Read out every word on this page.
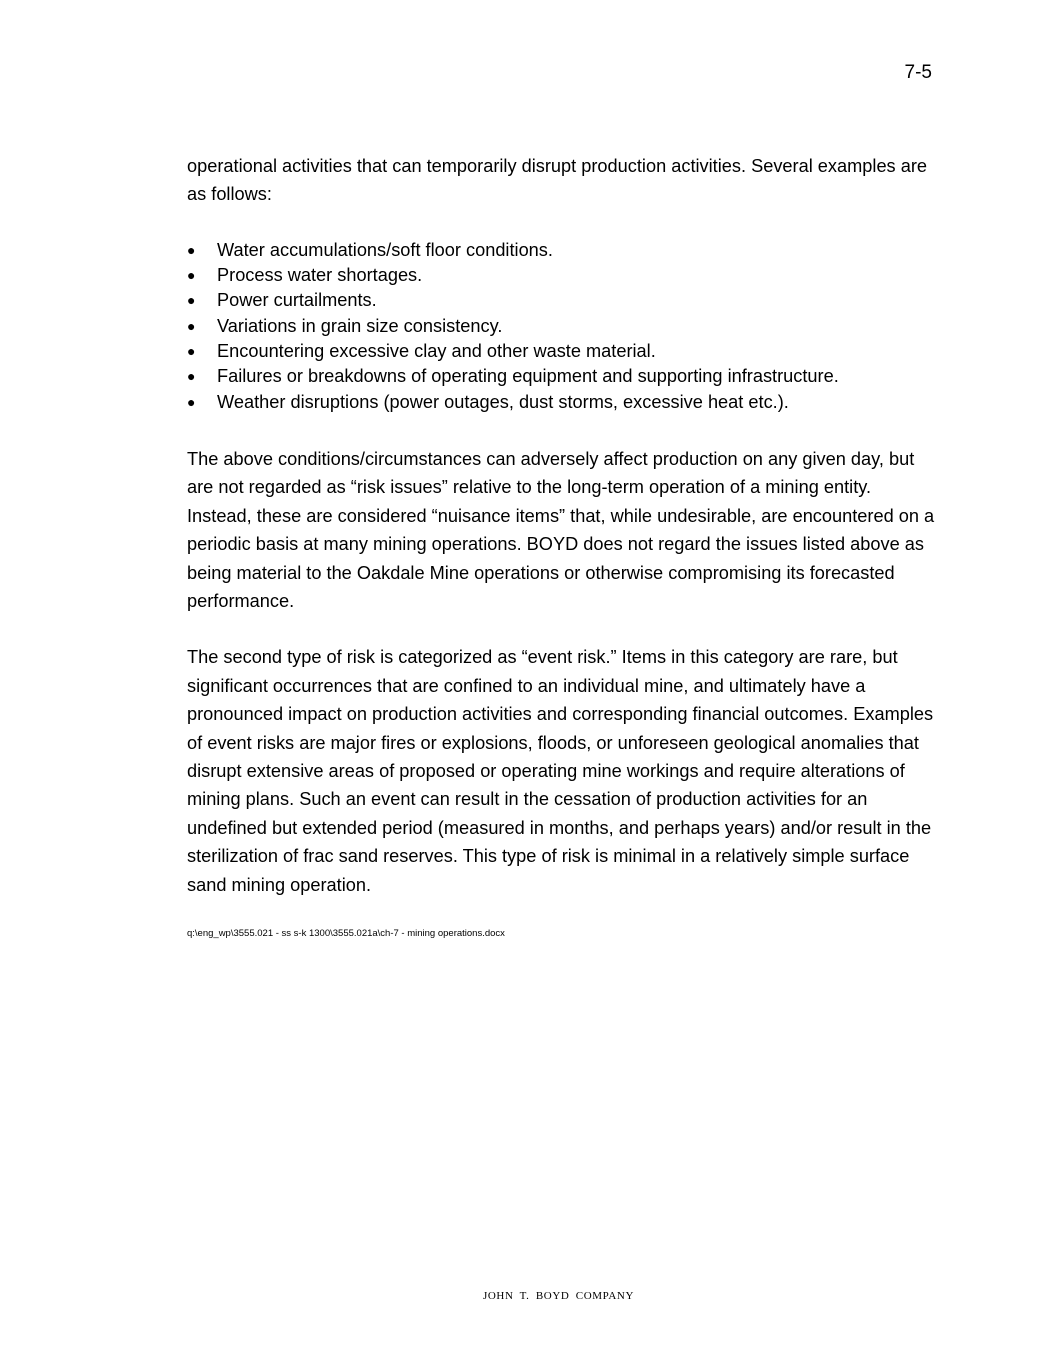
7-5

operational activities that can temporarily disrupt production activities. Several examples are as follows:

● Water accumulations/soft floor conditions.
● Process water shortages.
● Power curtailments.
● Variations in grain size consistency.
● Encountering excessive clay and other waste material.
● Failures or breakdowns of operating equipment and supporting infrastructure.
● Weather disruptions (power outages, dust storms, excessive heat etc.).

The above conditions/circumstances can adversely affect production on any given day, but are not regarded as “risk issues” relative to the long-term operation of a mining entity. Instead, these are considered “nuisance items” that, while undesirable, are encountered on a periodic basis at many mining operations. BOYD does not regard the issues listed above as being material to the Oakdale Mine operations or otherwise compromising its forecasted performance.

The second type of risk is categorized as “event risk.” Items in this category are rare, but significant occurrences that are confined to an individual mine, and ultimately have a pronounced impact on production activities and corresponding financial outcomes. Examples of event risks are major fires or explosions, floods, or unforeseen geological anomalies that disrupt extensive areas of proposed or operating mine workings and require alterations of mining plans. Such an event can result in the cessation of production activities for an undefined but extended period (measured in months, and perhaps years) and/or result in the sterilization of frac sand reserves. This type of risk is minimal in a relatively simple surface sand mining operation.

q:\eng_wp\3555.021 - ss s-k 1300\3555.021a\ch-7 - mining operations.docx
JOHN T. BOYD COMPANY
